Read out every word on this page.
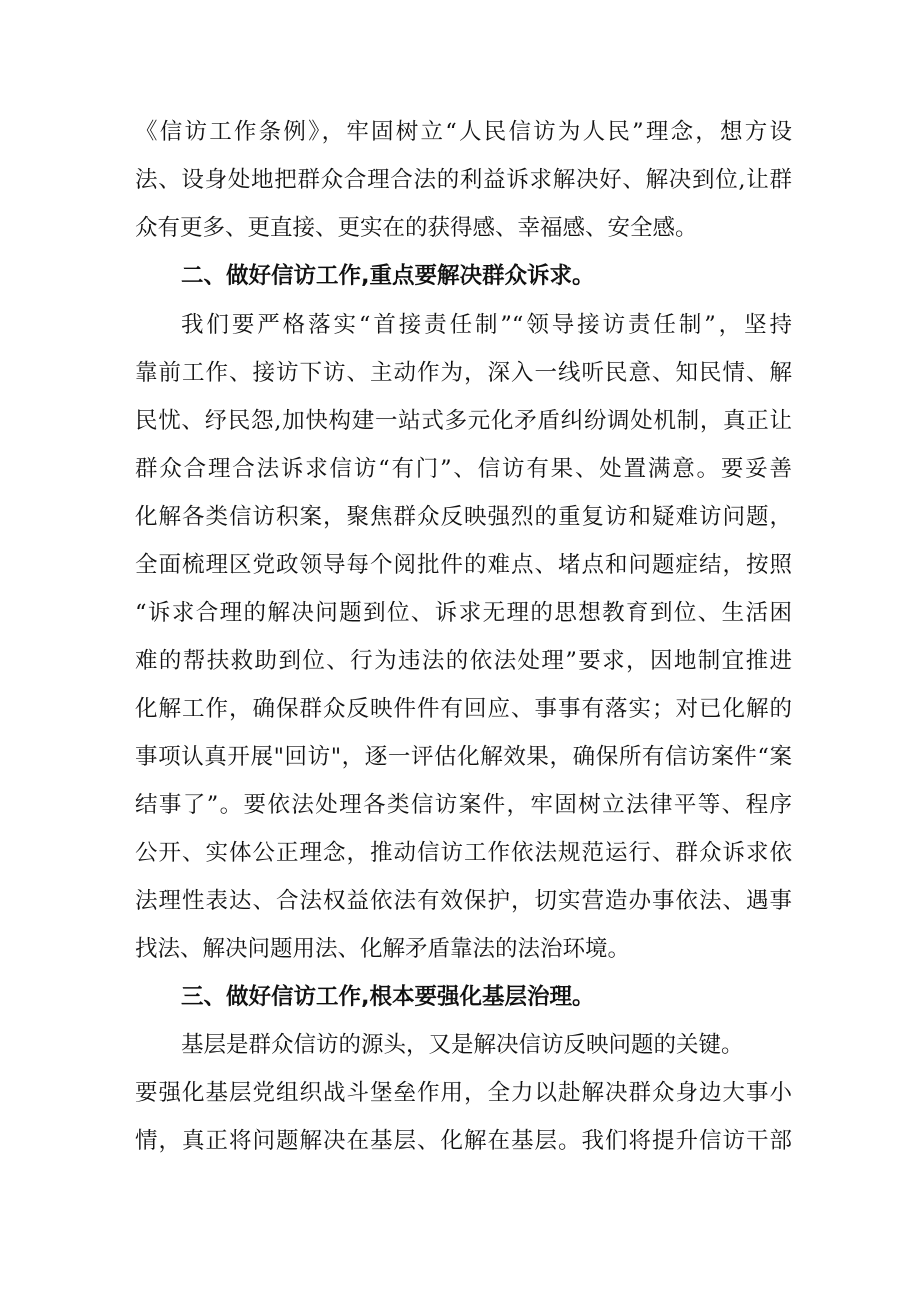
《信访工作条例》，牢固树立“人民信访为人民”理念，想方设

法、设身处地把群众合理合法的利益诉求解决好、解决到位,让群

众有更多、更直接、更实在的获得感、幸福感、安全感。

二、做好信访工作,重点要解决群众诉求。

我们要严格落实“首接责任制”“领导接访责任制”，坚持

靠前工作、接访下访、主动作为，深入一线听民意、知民情、解

民忧、纾民怨,加快构建一站式多元化矛盾纠纷调处机制，真正让

群众合理合法诉求信访“有门”、信访有果、处置满意。要妥善

化解各类信访积案，聚焦群众反映强烈的重复访和疑难访问题，

全面梳理区党政领导每个阅批件的难点、堵点和问题症结，按照

“诉求合理的解决问题到位、诉求无理的思想教育到位、生活困

难的帮扶救助到位、行为违法的依法处理”要求，因地制宜推进

化解工作，确保群众反映件件有回应、事事有落实；对已化解的

事项认真开展"回访"，逐一评估化解效果，确保所有信访案件“案

结事了”。要依法处理各类信访案件，牢固树立法律平等、程序

公开、实体公正理念，推动信访工作依法规范运行、群众诉求依

法理性表达、合法权益依法有效保护，切实营造办事依法、遇事

找法、解决问题用法、化解矛盾靠法的法治环境。

三、做好信访工作,根本要强化基层治理。

基层是群众信访的源头，又是解决信访反映问题的关键。

要强化基层党组织战斗堡垒作用，全力以赴解决群众身边大事小

情，真正将问题解决在基层、化解在基层。我们将提升信访干部
